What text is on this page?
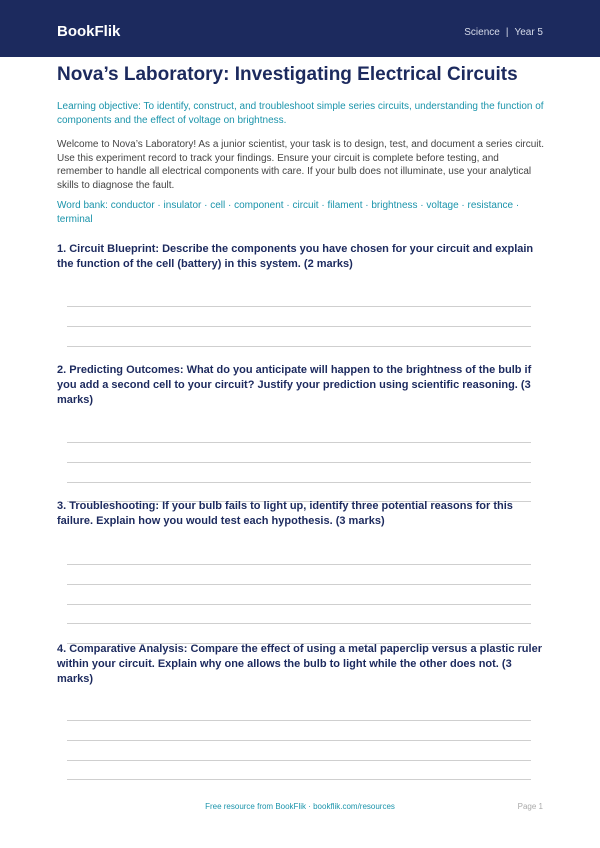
BookFlik	Science | Year 5
Nova’s Laboratory: Investigating Electrical Circuits

Learning objective: To identify, construct, and troubleshoot simple series circuits, understanding the function of components and the effect of voltage on brightness.

Welcome to Nova’s Laboratory! As a junior scientist, your task is to design, test, and document a series circuit. Use this experiment record to track your findings. Ensure your circuit is complete before testing, and remember to handle all electrical components with care. If your bulb does not illuminate, use your analytical skills to diagnose the fault.

Word bank: conductor · insulator · cell · component · circuit · filament · brightness · voltage · resistance · terminal

1. Circuit Blueprint: Describe the components you have chosen for your circuit and explain the function of the cell (battery) in this system. (2 marks)

2. Predicting Outcomes: What do you anticipate will happen to the brightness of the bulb if you add a second cell to your circuit? Justify your prediction using scientific reasoning. (3 marks)

3. Troubleshooting: If your bulb fails to light up, identify three potential reasons for this failure. Explain how you would test each hypothesis. (3 marks)

4. Comparative Analysis: Compare the effect of using a metal paperclip versus a plastic ruler within your circuit. Explain why one allows the bulb to light while the other does not. (3 marks)

Free resource from BookFlik · bookflik.com/resources	Page 1
